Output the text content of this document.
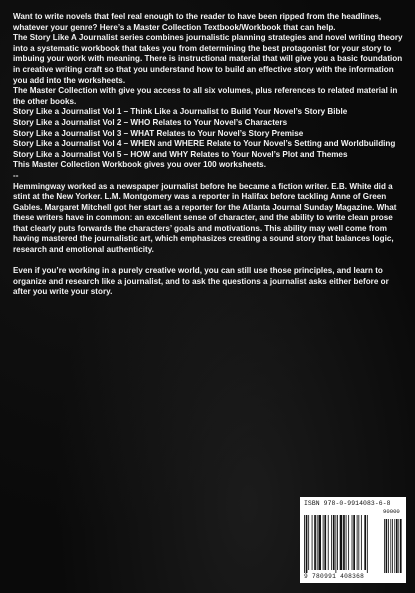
Want to write novels that feel real enough to the reader to have been ripped from the headlines, whatever your genre? Here’s a Master Collection Textbook/Workbook that can help.

The Story Like A Journalist series combines journalistic planning strategies and novel writing theory into a systematic workbook that takes you from determining the best protagonist for your story to imbuing your work with meaning. There is instructional material that will give you a basic foundation in creative writing craft so that you understand how to build an effective story with the information you add into the worksheets.

The Master Collection with give you access to all six volumes, plus references to related material in the other books.

Story Like a Journalist Vol 1 – Think Like a Journalist to Build Your Novel’s Story Bible

Story Like a Journalist Vol 2 – WHO Relates to Your Novel’s Characters

Story Like a Journalist Vol 3 – WHAT Relates to Your Novel’s Story Premise

Story Like a Journalist Vol 4 – WHEN and WHERE Relate to Your Novel’s Setting and Worldbuilding

Story Like a Journalist Vol 5 – HOW and WHY Relates to Your Novel’s Plot and Themes

This Master Collection Workbook gives you over 100 worksheets.

--

Hemmingway worked as a newspaper journalist before he became a fiction writer. E.B. White did a stint at the New Yorker. L.M. Montgomery was a reporter in Halifax before tackling Anne of Green Gables. Margaret Mitchell got her start as a reporter for the Atlanta Journal Sunday Magazine. What these writers have in common: an excellent sense of character, and the ability to write clean prose that clearly puts forwards the characters’ goals and motivations. This ability may well come from having mastered the journalistic art, which emphasizes creating a sound story that balances logic, research and emotional authenticity.

Even if you’re working in a purely creative world, you can still use those principles, and learn to organize and research like a journalist, and to ask the questions a journalist asks either before or after you write your story.

ISBN 978-0-9914083-6-8
90000
9 780991 408368
